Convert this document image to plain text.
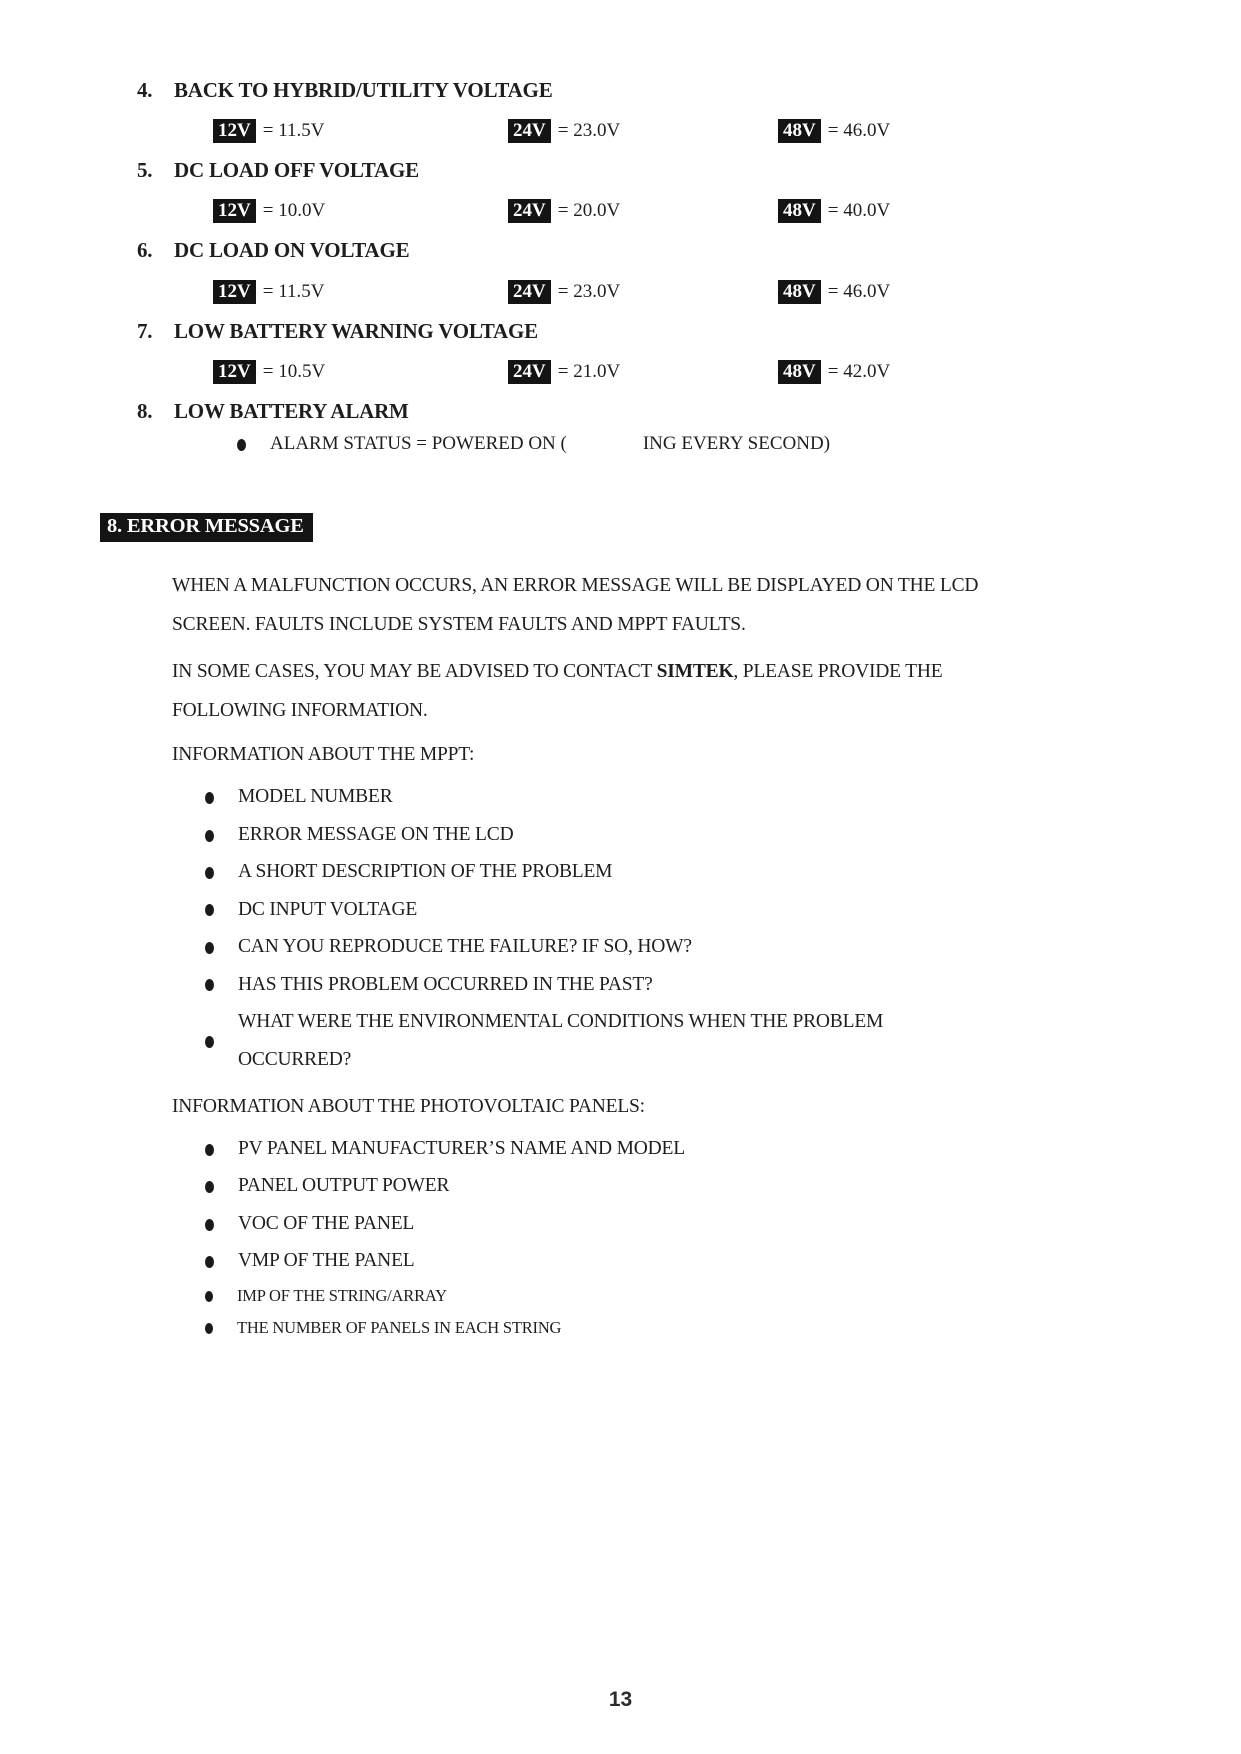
4.	BACK TO HYBRID/UTILITY VOLTAGE
12V = 11.5V	24V = 23.0V	48V = 46.0V
5.	DC LOAD OFF VOLTAGE
12V = 10.0V	24V = 20.0V	48V = 40.0V
6.	DC LOAD ON VOLTAGE
12V = 11.5V	24V = 23.0V	48V = 46.0V
7.	LOW BATTERY WARNING VOLTAGE
12V = 10.5V	24V = 21.0V	48V = 42.0V
8.	LOW BATTERY ALARM
ALARM STATUS = POWERED ON (                ING EVERY SECOND)
8. ERROR MESSAGE

WHEN A MALFUNCTION OCCURS, AN ERROR MESSAGE WILL BE DISPLAYED ON THE LCD SCREEN. FAULTS INCLUDE SYSTEM FAULTS AND MPPT FAULTS.

IN SOME CASES, YOU MAY BE ADVISED TO CONTACT SIMTEK, PLEASE PROVIDE THE FOLLOWING INFORMATION.

INFORMATION ABOUT THE MPPT:
MODEL NUMBER
ERROR MESSAGE ON THE LCD
A SHORT DESCRIPTION OF THE PROBLEM
DC INPUT VOLTAGE
CAN YOU REPRODUCE THE FAILURE? IF SO, HOW?
HAS THIS PROBLEM OCCURRED IN THE PAST?
WHAT WERE THE ENVIRONMENTAL CONDITIONS WHEN THE PROBLEM OCCURRED?
INFORMATION ABOUT THE PHOTOVOLTAIC PANELS:
PV PANEL MANUFACTURER’S NAME AND MODEL
PANEL OUTPUT POWER
VOC OF THE PANEL
VMP OF THE PANEL
IMP OF THE STRING/ARRAY
THE NUMBER OF PANELS IN EACH STRING
13
